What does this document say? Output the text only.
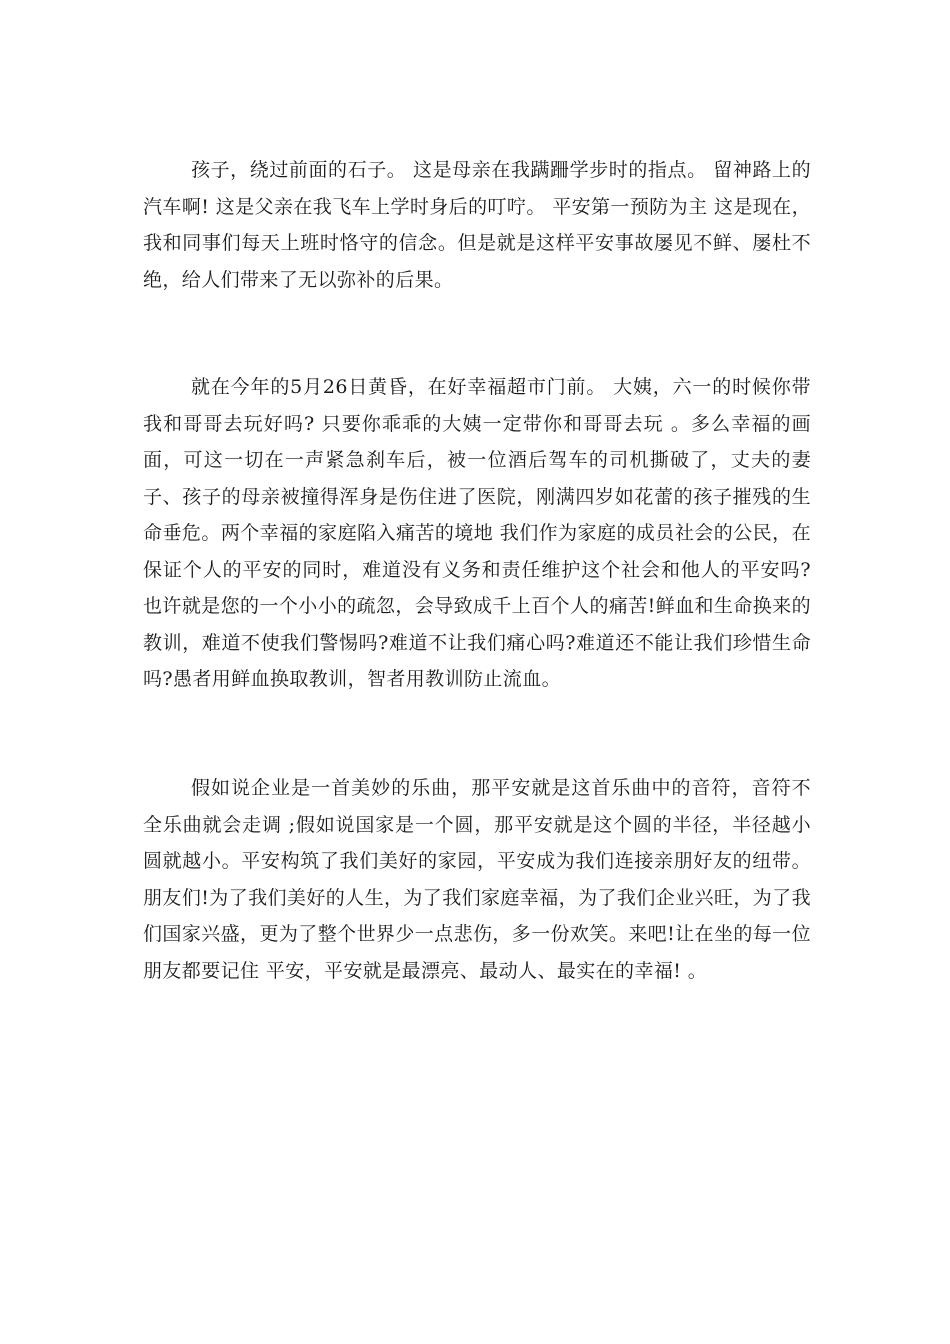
孩子，绕过前面的石子。 这是母亲在我蹒跚学步时的指点。 留神路上的汽车啊! 这是父亲在我飞车上学时身后的叮咛。 平安第一预防为主 这是现在，我和同事们每天上班时恪守的信念。但是就是这样平安事故屡见不鲜、屡杜不绝，给人们带来了无以弥补的后果。

就在今年的5月26日黄昏，在好幸福超市门前。 大姨，六一的时候你带我和哥哥去玩好吗? 只要你乖乖的大姨一定带你和哥哥去玩 。多么幸福的画面，可这一切在一声紧急刹车后，被一位酒后驾车的司机撕破了，丈夫的妻子、孩子的母亲被撞得浑身是伤住进了医院，刚满四岁如花蕾的孩子摧残的生命垂危。两个幸福的家庭陷入痛苦的境地 我们作为家庭的成员社会的公民，在保证个人的平安的同时，难道没有义务和责任维护这个社会和他人的平安吗?也许就是您的一个小小的疏忽，会导致成千上百个人的痛苦!鲜血和生命换来的教训，难道不使我们警惕吗?难道不让我们痛心吗?难道还不能让我们珍惜生命吗?愚者用鲜血换取教训，智者用教训防止流血。

假如说企业是一首美妙的乐曲，那平安就是这首乐曲中的音符，音符不全乐曲就会走调 ;假如说国家是一个圆，那平安就是这个圆的半径，半径越小圆就越小。平安构筑了我们美好的家园，平安成为我们连接亲朋好友的纽带。朋友们!为了我们美好的人生，为了我们家庭幸福，为了我们企业兴旺，为了我们国家兴盛，更为了整个世界少一点悲伤，多一份欢笑。来吧!让在坐的每一位朋友都要记住 平安，平安就是最漂亮、最动人、最实在的幸福! 。
